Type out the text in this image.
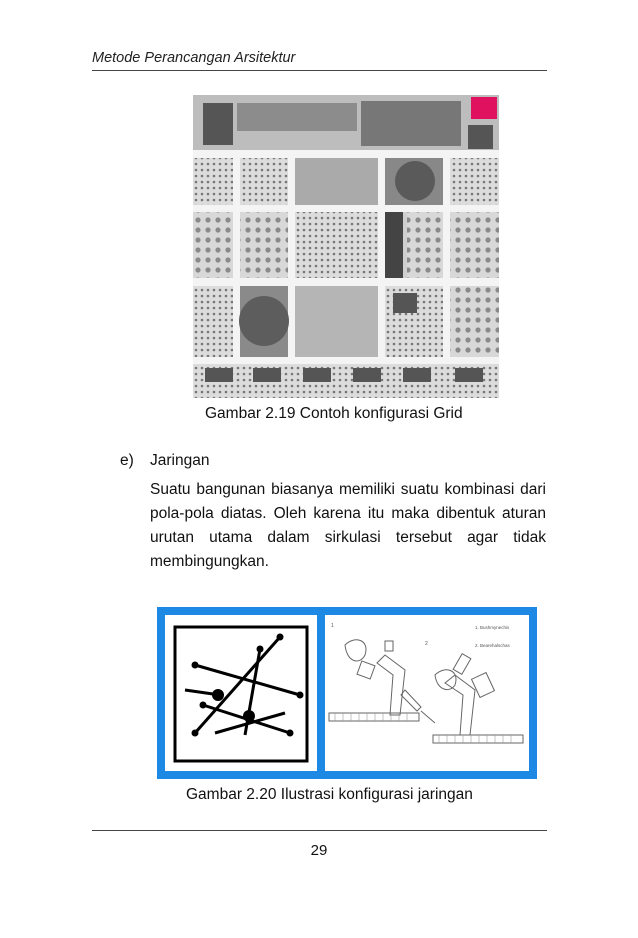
Metode Perancangan Arsitektur
Gambar 2.19 Contoh konfigurasi Grid
e) Jaringan
Suatu bangunan biasanya memiliki suatu kombinasi dari pola-pola diatas. Oleh karena itu maka dibentuk aturan urutan utama dalam sirkulasi tersebut agar tidak membingungkan.
1	1. Bushmynechis
2. Bearehalschas
2
Gambar 2.20 Ilustrasi konfigurasi jaringan
29
